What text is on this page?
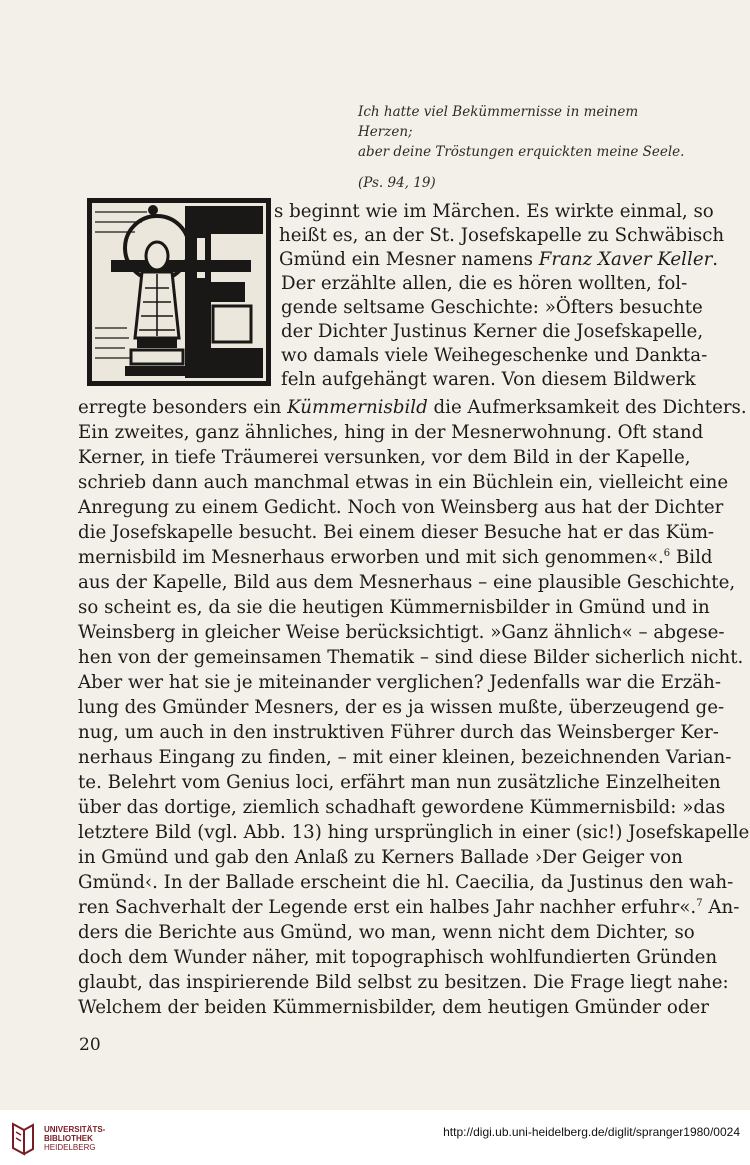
Ich hatte viel Bekümmernisse in meinem Herzen;
aber deine Tröstungen erquickten meine Seele.
(Ps. 94, 19)
s beginnt wie im Märchen. Es wirkte einmal, so
heißt es, an der St. Josefskapelle zu Schwäbisch
Gmünd ein Mesner namens Franz Xaver Keller.
Der erzählte allen, die es hören wollten, fol-
gende seltsame Geschichte: »Öfters besuchte
der Dichter Justinus Kerner die Josefskapelle,
wo damals viele Weihegeschenke und Dankta-
feln aufgehängt waren. Von diesem Bildwerk
erregte besonders ein Kümmernisbild die Aufmerksamkeit des Dichters.
Ein zweites, ganz ähnliches, hing in der Mesnerwohnung. Oft stand
Kerner, in tiefe Träumerei versunken, vor dem Bild in der Kapelle,
schrieb dann auch manchmal etwas in ein Büchlein ein, vielleicht eine
Anregung zu einem Gedicht. Noch von Weinsberg aus hat der Dichter
die Josefskapelle besucht. Bei einem dieser Besuche hat er das Küm-
mernisbild im Mesnerhaus erworben und mit sich genommen«.$^6$ Bild
aus der Kapelle, Bild aus dem Mesnerhaus – eine plausible Geschichte,
so scheint es, da sie die heutigen Kümmernisbilder in Gmünd und in
Weinsberg in gleicher Weise berücksichtigt. »Ganz ähnlich« – abgese-
hen von der gemeinsamen Thematik – sind diese Bilder sicherlich nicht.
Aber wer hat sie je miteinander verglichen? Jedenfalls war die Erzäh-
lung des Gmünder Mesners, der es ja wissen mußte, überzeugend ge-
nug, um auch in den instruktiven Führer durch das Weinsberger Ker-
nerhaus Eingang zu finden, – mit einer kleinen, bezeichnenden Varian-
te. Belehrt vom Genius loci, erfährt man nun zusätzliche Einzelheiten
über das dortige, ziemlich schadhaft gewordene Kümmernisbild: »das
letztere Bild (vgl. Abb. 13) hing ursprünglich in einer (sic!) Josefskapelle
in Gmünd und gab den Anlaß zu Kerners Ballade ›Der Geiger von
Gmünd‹. In der Ballade erscheint die hl. Caecilia, da Justinus den wah-
ren Sachverhalt der Legende erst ein halbes Jahr nachher erfuhr«.$^7$ An-
ders die Berichte aus Gmünd, wo man, wenn nicht dem Dichter, so
doch dem Wunder näher, mit topographisch wohlfundierten Gründen
glaubt, das inspirierende Bild selbst zu besitzen. Die Frage liegt nahe:
Welchem der beiden Kümmernisbilder, dem heutigen Gmünder oder
20
UNIVERSITÄTS-
BIBLIOTHEK
HEIDELBERG
http://digi.ub.uni-heidelberg.de/diglit/spranger1980/0024
